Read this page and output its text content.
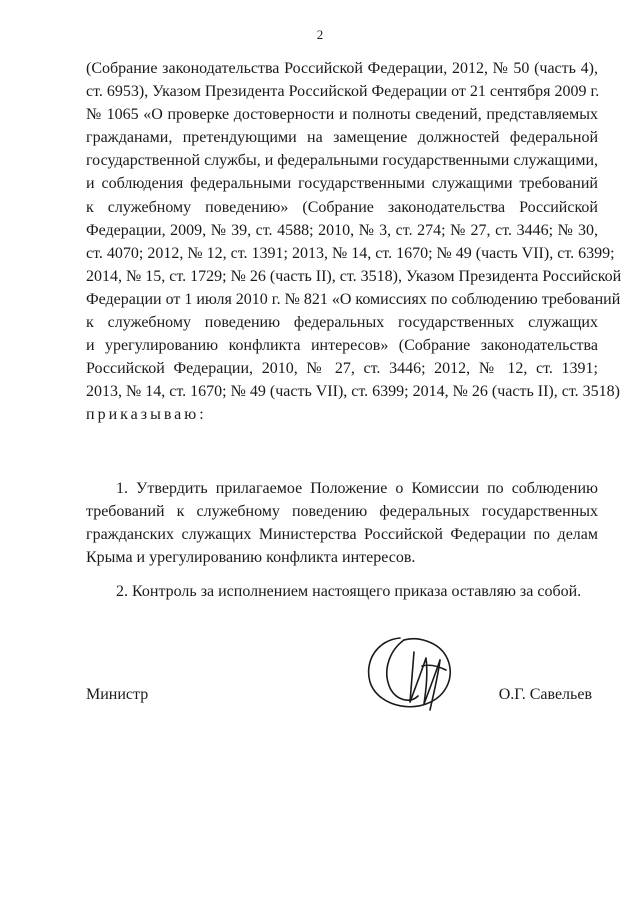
2
(Собрание законодательства Российской Федерации, 2012, № 50 (часть 4),
ст. 6953), Указом Президента Российской Федерации от 21 сентября 2009 г.
№ 1065 «О проверке достоверности и полноты сведений, представляемых
гражданами, претендующими на замещение должностей федеральной
государственной службы, и федеральными государственными служащими,
и соблюдения федеральными государственными служащими требований
к служебному поведению» (Собрание законодательства Российской
Федерации, 2009, № 39, ст. 4588; 2010, № 3, ст. 274; № 27, ст. 3446; № 30,
ст. 4070; 2012, № 12, ст. 1391; 2013, № 14, ст. 1670; № 49 (часть VII), ст. 6399;
2014, № 15, ст. 1729; № 26 (часть II), ст. 3518), Указом Президента Российской
Федерации от 1 июля 2010 г. № 821 «О комиссиях по соблюдению требований
к служебному поведению федеральных государственных служащих
и урегулированию конфликта интересов» (Собрание законодательства
Российской Федерации, 2010, № 27, ст. 3446; 2012, № 12, ст. 1391;
2013, № 14, ст. 1670; № 49 (часть VII), ст. 6399; 2014, № 26 (часть II), ст. 3518)
приказываю:
1. Утвердить прилагаемое Положение о Комиссии по соблюдению
требований к служебному поведению федеральных государственных
гражданских служащих Министерства Российской Федерации по делам
Крыма и урегулированию конфликта интересов.
2. Контроль за исполнением настоящего приказа оставляю за собой.
Министр	О.Г. Савельев
